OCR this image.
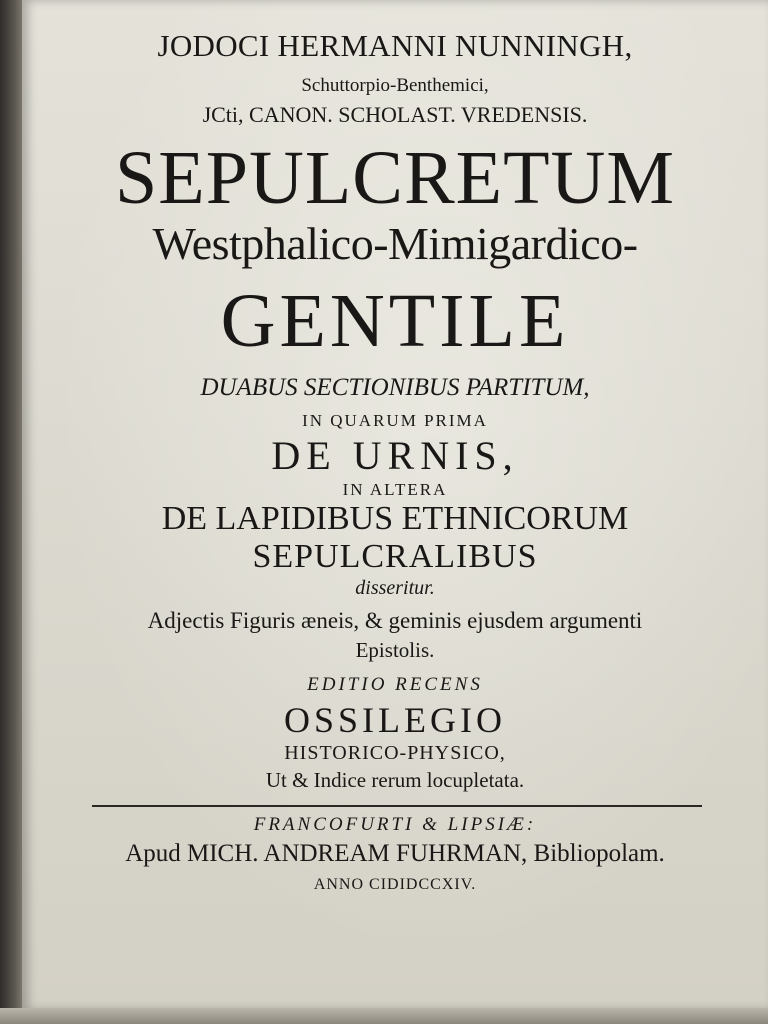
JODOCI HERMANNI NUNNINGH,
Schuttorpio-Benthemici,
JCti, CANON. SCHOLAST. VREDENSIS.
SEPULCRETUM
Westphalico-Mimigardico-
GENTILE
DUABUS SECTIONIBUS PARTITUM,
IN QUARUM PRIMA
DE URNIS,
IN ALTERA
DE LAPIDIBUS ETHNICORUM
SEPULCRALIBUS
disseritur.
Adjectis Figuris æneis, & geminis ejusdem argumenti
Epistolis.
EDITIO RECENS
OSSILEGIO
HISTORICO-PHYSICO,
Ut & Indice rerum locupletata.
FRANCOFURTI & LIPSIÆ:
Apud MICH. ANDREAM FUHRMAN, Bibliopolam.
ANNO CIDIDCCXIV.
